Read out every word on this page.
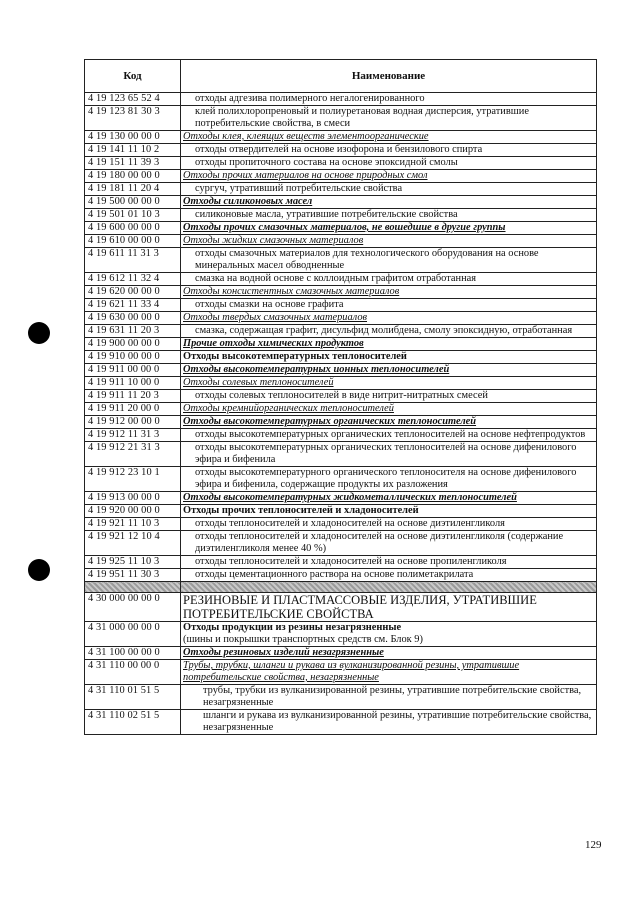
Код	Наименование
4 19 123 65 52 4	отходы адгезива полимерного негалогенированного
4 19 123 81 30 3	клей полихлоропреновый и полиуретановая водная дисперсия, утратившие потребительские свойства, в смеси
4 19 130 00 00 0	Отходы клея, клеящих веществ элементоорганические
4 19 141 11 10 2	отходы отвердителей на основе изофорона и бензилового спирта
4 19 151 11 39 3	отходы пропиточного состава на основе эпоксидной смолы
4 19 180 00 00 0	Отходы прочих материалов на основе природных смол
4 19 181 11 20 4	сургуч, утративший потребительские свойства
4 19 500 00 00 0	Отходы силиконовых масел
4 19 501 01 10 3	силиконовые масла, утратившие потребительские свойства
4 19 600 00 00 0	Отходы прочих смазочных материалов, не вошедшие в другие группы
4 19 610 00 00 0	Отходы жидких смазочных материалов
4 19 611 11 31 3	отходы смазочных материалов для технологического оборудования на основе минеральных масел обводненные
4 19 612 11 32 4	смазка на водной основе с коллоидным графитом отработанная
4 19 620 00 00 0	Отходы консистентных смазочных материалов
4 19 621 11 33 4	отходы смазки на основе графита
4 19 630 00 00 0	Отходы твердых смазочных материалов
4 19 631 11 20 3	смазка, содержащая графит, дисульфид молибдена, смолу эпоксидную, отработанная
4 19 900 00 00 0	Прочие отходы химических продуктов
4 19 910 00 00 0	Отходы высокотемпературных теплоносителей
4 19 911 00 00 0	Отходы высокотемпературных ионных теплоносителей
4 19 911 10 00 0	Отходы солевых теплоносителей
4 19 911 11 20 3	отходы солевых теплоносителей в виде нитрит-нитратных смесей
4 19 911 20 00 0	Отходы кремнийорганических теплоносителей
4 19 912 00 00 0	Отходы высокотемпературных органических теплоносителей
4 19 912 11 31 3	отходы высокотемпературных органических теплоносителей на основе нефтепродуктов
4 19 912 21 31 3	отходы высокотемпературных органических теплоносителей на основе дифенилового эфира и бифенила
4 19 912 23 10 1	отходы высокотемпературного органического теплоносителя на основе дифенилового эфира и бифенила, содержащие продукты их разложения
4 19 913 00 00 0	Отходы высокотемпературных жидкометаллических теплоносителей
4 19 920 00 00 0	Отходы прочих теплоносителей и хладоносителей
4 19 921 11 10 3	отходы теплоносителей и хладоносителей на основе диэтиленгликоля
4 19 921 12 10 4	отходы теплоносителей и хладоносителей на основе диэтиленгликоля (содержание диэтиленгликоля менее 40 %)
4 19 925 11 10 3	отходы теплоносителей и хладоносителей на основе пропиленгликоля
4 19 951 11 30 3	отходы цементационного раствора на основе полиметакрилата

4 30 000 00 00 0	РЕЗИНОВЫЕ И ПЛАСТМАССОВЫЕ ИЗДЕЛИЯ, УТРАТИВШИЕ ПОТРЕБИТЕЛЬСКИЕ СВОЙСТВА
4 31 000 00 00 0	Отходы продукции из резины незагрязненные
(шины и покрышки транспортных средств см. Блок 9)

4 31 100 00 00 0	Отходы резиновых изделий незагрязненные
4 31 110 00 00 0	Трубы, трубки, шланги и рукава из вулканизированной резины, утратившие потребительские свойства, незагрязненные
4 31 110 01 51 5	трубы, трубки из вулканизированной резины, утратившие потребительские свойства, незагрязненные
4 31 110 02 51 5	шланги и рукава из вулканизированной резины, утратившие потребительские свойства, незагрязненные
129
